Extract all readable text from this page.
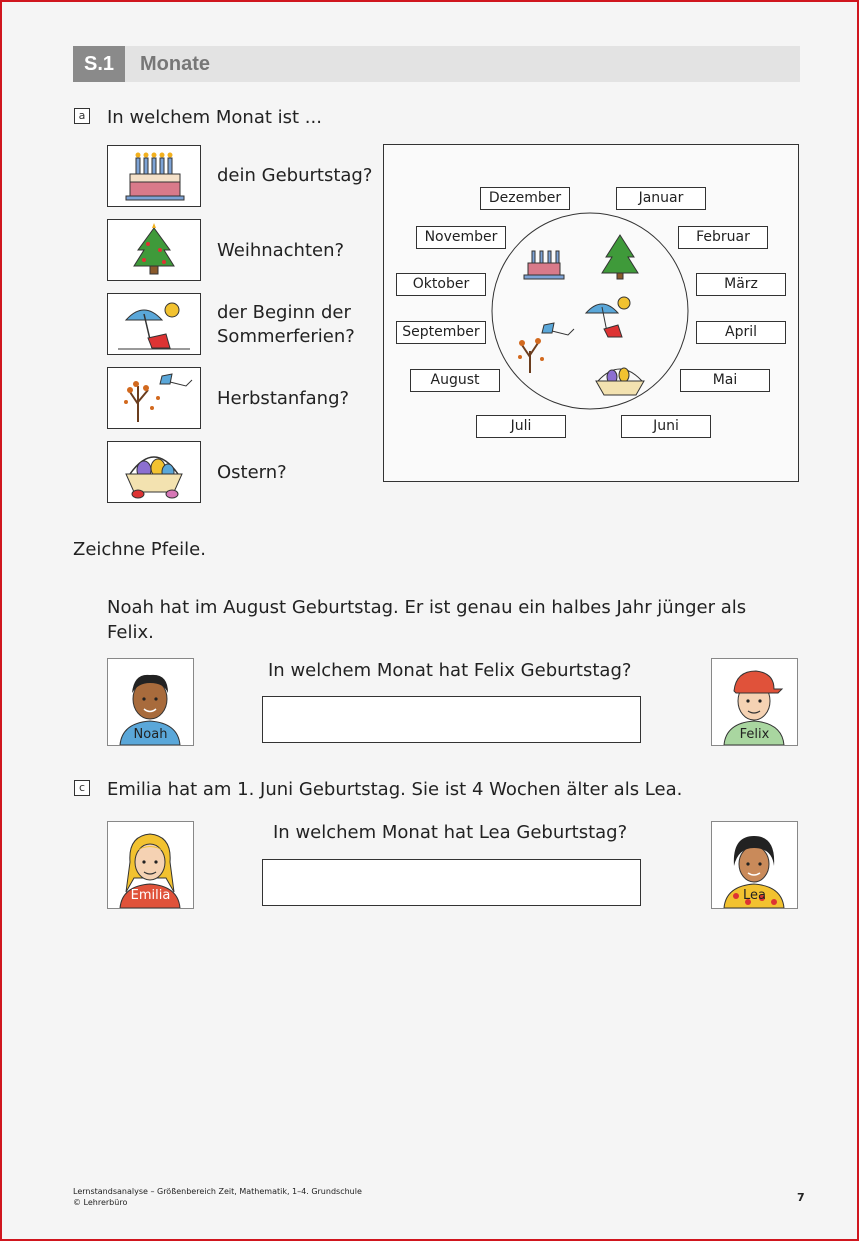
S.1	Monate
a In welchem Monat ist ...
dein Geburtstag?
Weihnachten?
der Beginn der
Sommerferien?
Herbstanfang?
Ostern?
Dezember	Januar
November	Februar
Oktober	März
September	April
August	Mai
Juli	Juni
Zeichne Pfeile.
Noah hat im August Geburtstag. Er ist genau ein halbes Jahr jünger als
Felix.
Noah
In welchem Monat hat Felix Geburtstag?
Felix
c Emilia hat am 1. Juni Geburtstag. Sie ist 4 Wochen älter als Lea.
Emilia
In welchem Monat hat Lea Geburtstag?
Lea
Lernstandsanalyse – Größenbereich Zeit, Mathematik, 1–4. Grundschule
© Lehrerbüro	7
